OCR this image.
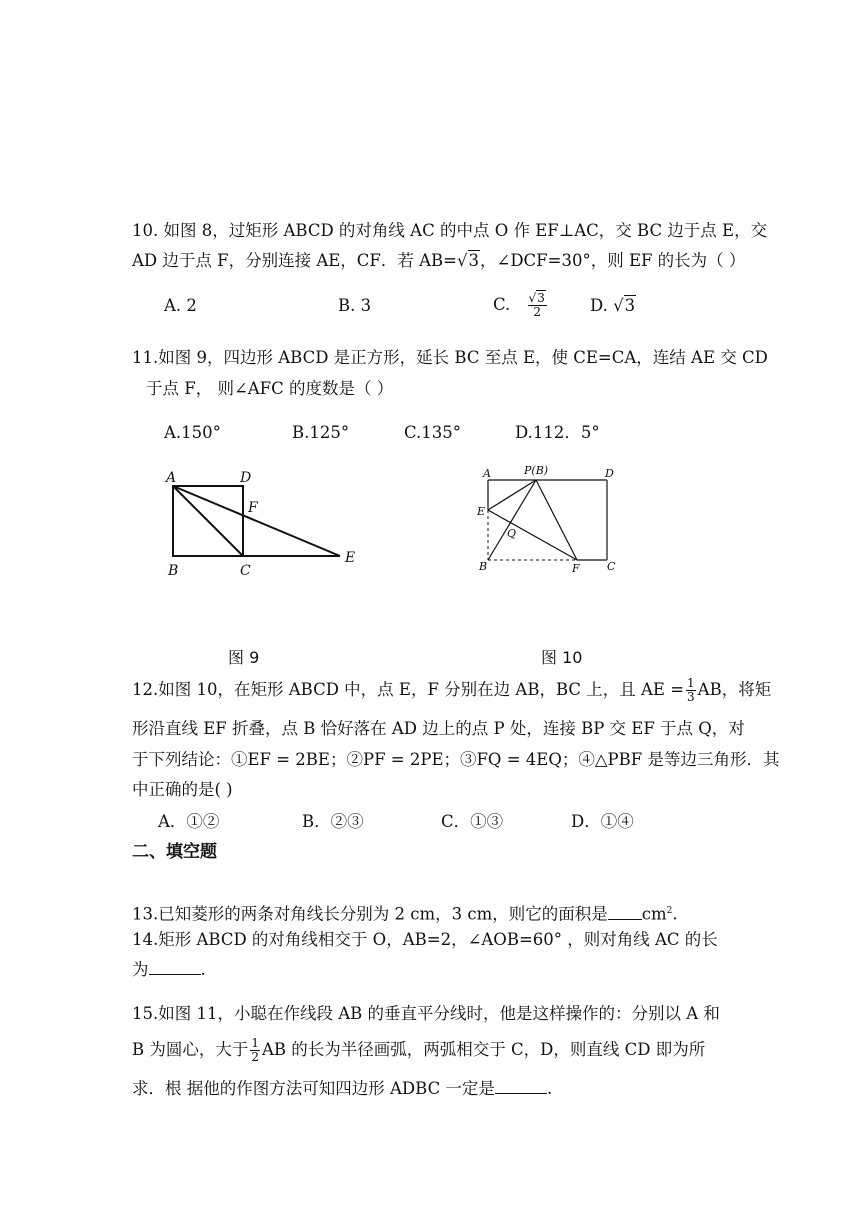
10. 如图 8，过矩形 ABCD 的对角线 AC 的中点 O 作 EF⊥AC，交 BC 边于点 E，交
AD 边于点 F，分别连接 AE，CF．若 AB=√3，∠DCF=30°，则 EF 的长为（ ）
A. 2	B. 3	C. $\frac{√3}{2}$	D. √3
11.如图 9，四边形 ABCD 是正方形，延长 BC 至点 E，使 CE=CA，连结 AE 交 CD
于点 F， 则∠AFC 的度数是（ ）
A.150°	B.125°	C.135°	D.112．5°
A	D
F
B	C
E
A	P(B)	D
E
Q
B	F C
图 9	图 10
12.如图 10，在矩形 ABCD 中，点 E，F 分别在边 AB，BC 上，且 AE = $\frac{1}{3}$ AB，将矩
形沿直线 EF 折叠，点 B 恰好落在 AD 边上的点 P 处，连接 BP 交 EF 于点 Q，对
于下列结论：①EF = 2BE；②PF = 2PE；③FQ = 4EQ；④△PBF 是等边三角形．其
中正确的是( )
A．①②	B．②③	C．①③	D．①④
二、填空题
13.已知菱形的两条对角线长分别为 2 cm，3 cm，则它的面积是 $cm^2$.
14.矩形 ABCD 的对角线相交于 O，AB=2，∠AOB=60° ，则对角线 AC 的长
为	.
15.如图 11，小聪在作线段 AB 的垂直平分线时，他是这样操作的：分别以 A 和
B 为圆心，大于 $\frac{1}{2}$ AB 的长为半径画弧，两弧相交于 C，D，则直线 CD 即为所
求．根 据他的作图方法可知四边形 ADBC 一定是	.
